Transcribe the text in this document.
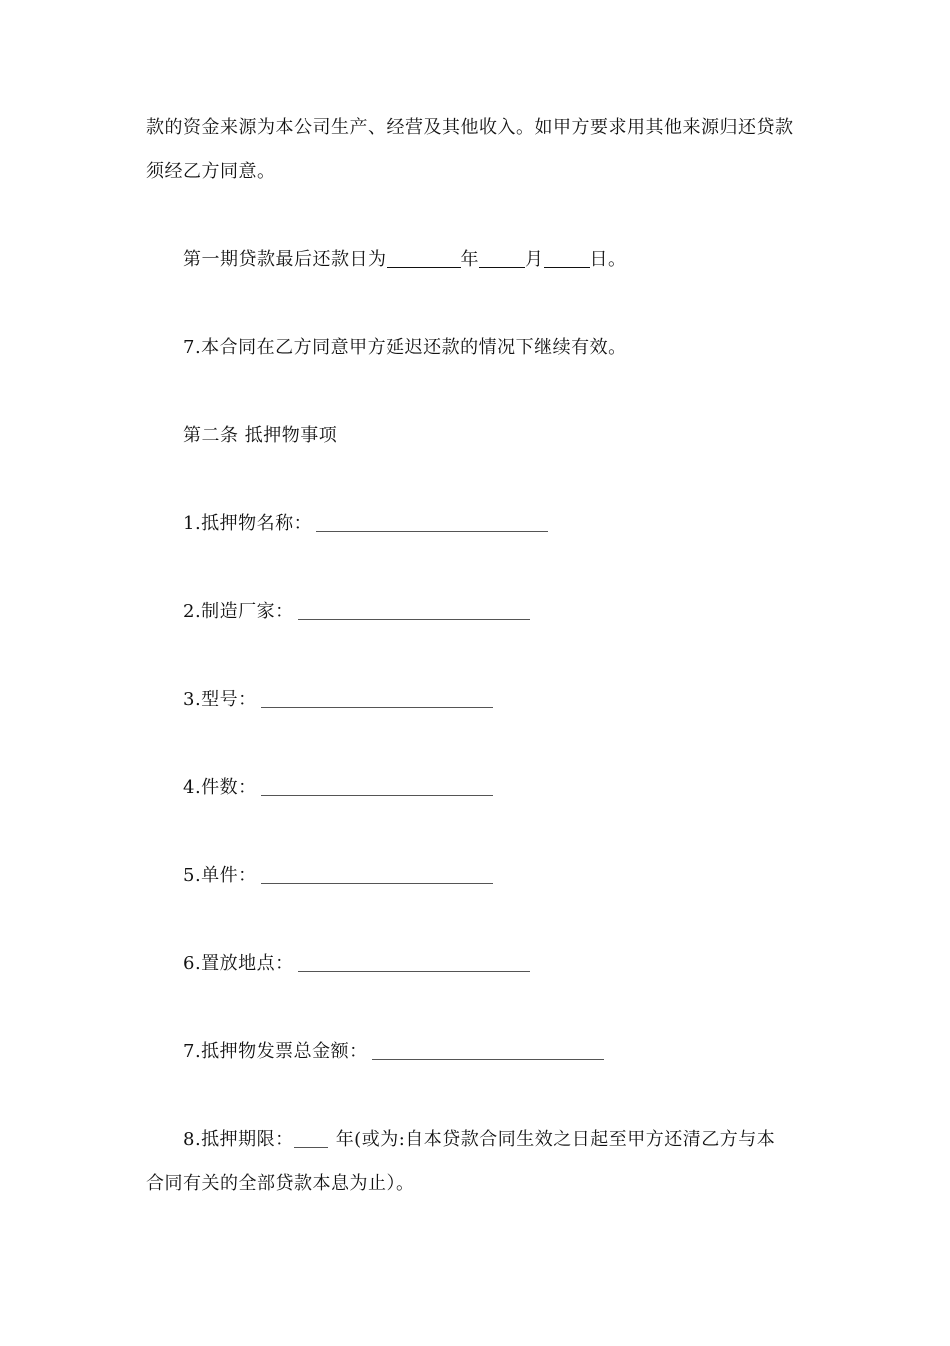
款的资金来源为本公司生产、经营及其他收入。如甲方要求用其他来源归还贷款
须经乙方同意。
第一期贷款最后还款日为	年	月	日。
7.本合同在乙方同意甲方延迟还款的情况下继续有效。
第二条 抵押物事项
1.抵押物名称：
2.制造厂家：
3.型号：
4.件数：
5.单件：
6.置放地点：
7.抵押物发票总金额：
8.抵押期限： 年(或为:自本贷款合同生效之日起至甲方还清乙方与本
合同有关的全部贷款本息为止）。
